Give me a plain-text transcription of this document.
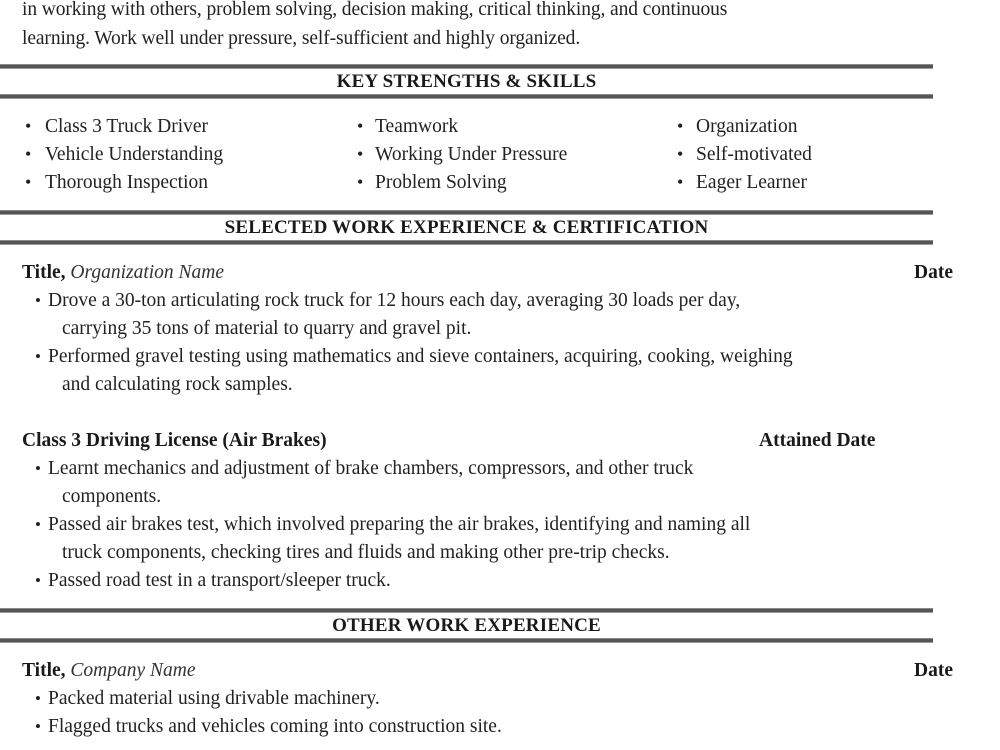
in working with others, problem solving, decision making, critical thinking, and continuous
learning. Work well under pressure, self-sufficient and highly organized.
KEY STRENGTHS & SKILLS
• Class 3 Truck Driver
• Vehicle Understanding
• Thorough Inspection
• Teamwork
• Working Under Pressure
• Problem Solving
• Organization
• Self-motivated
• Eager Learner
SELECTED WORK EXPERIENCE & CERTIFICATION
Title, Organization Name	Date
• Drove a 30-ton articulating rock truck for 12 hours each day, averaging 30 loads per day,
carrying 35 tons of material to quarry and gravel pit.
• Performed gravel testing using mathematics and sieve containers, acquiring, cooking, weighing
and calculating rock samples.
Class 3 Driving License (Air Brakes)	Attained Date
• Learnt mechanics and adjustment of brake chambers, compressors, and other truck
components.
• Passed air brakes test, which involved preparing the air brakes, identifying and naming all
truck components, checking tires and fluids and making other pre-trip checks.
• Passed road test in a transport/sleeper truck.
OTHER WORK EXPERIENCE
Title, Company Name	Date
• Packed material using drivable machinery.
• Flagged trucks and vehicles coming into construction site.
